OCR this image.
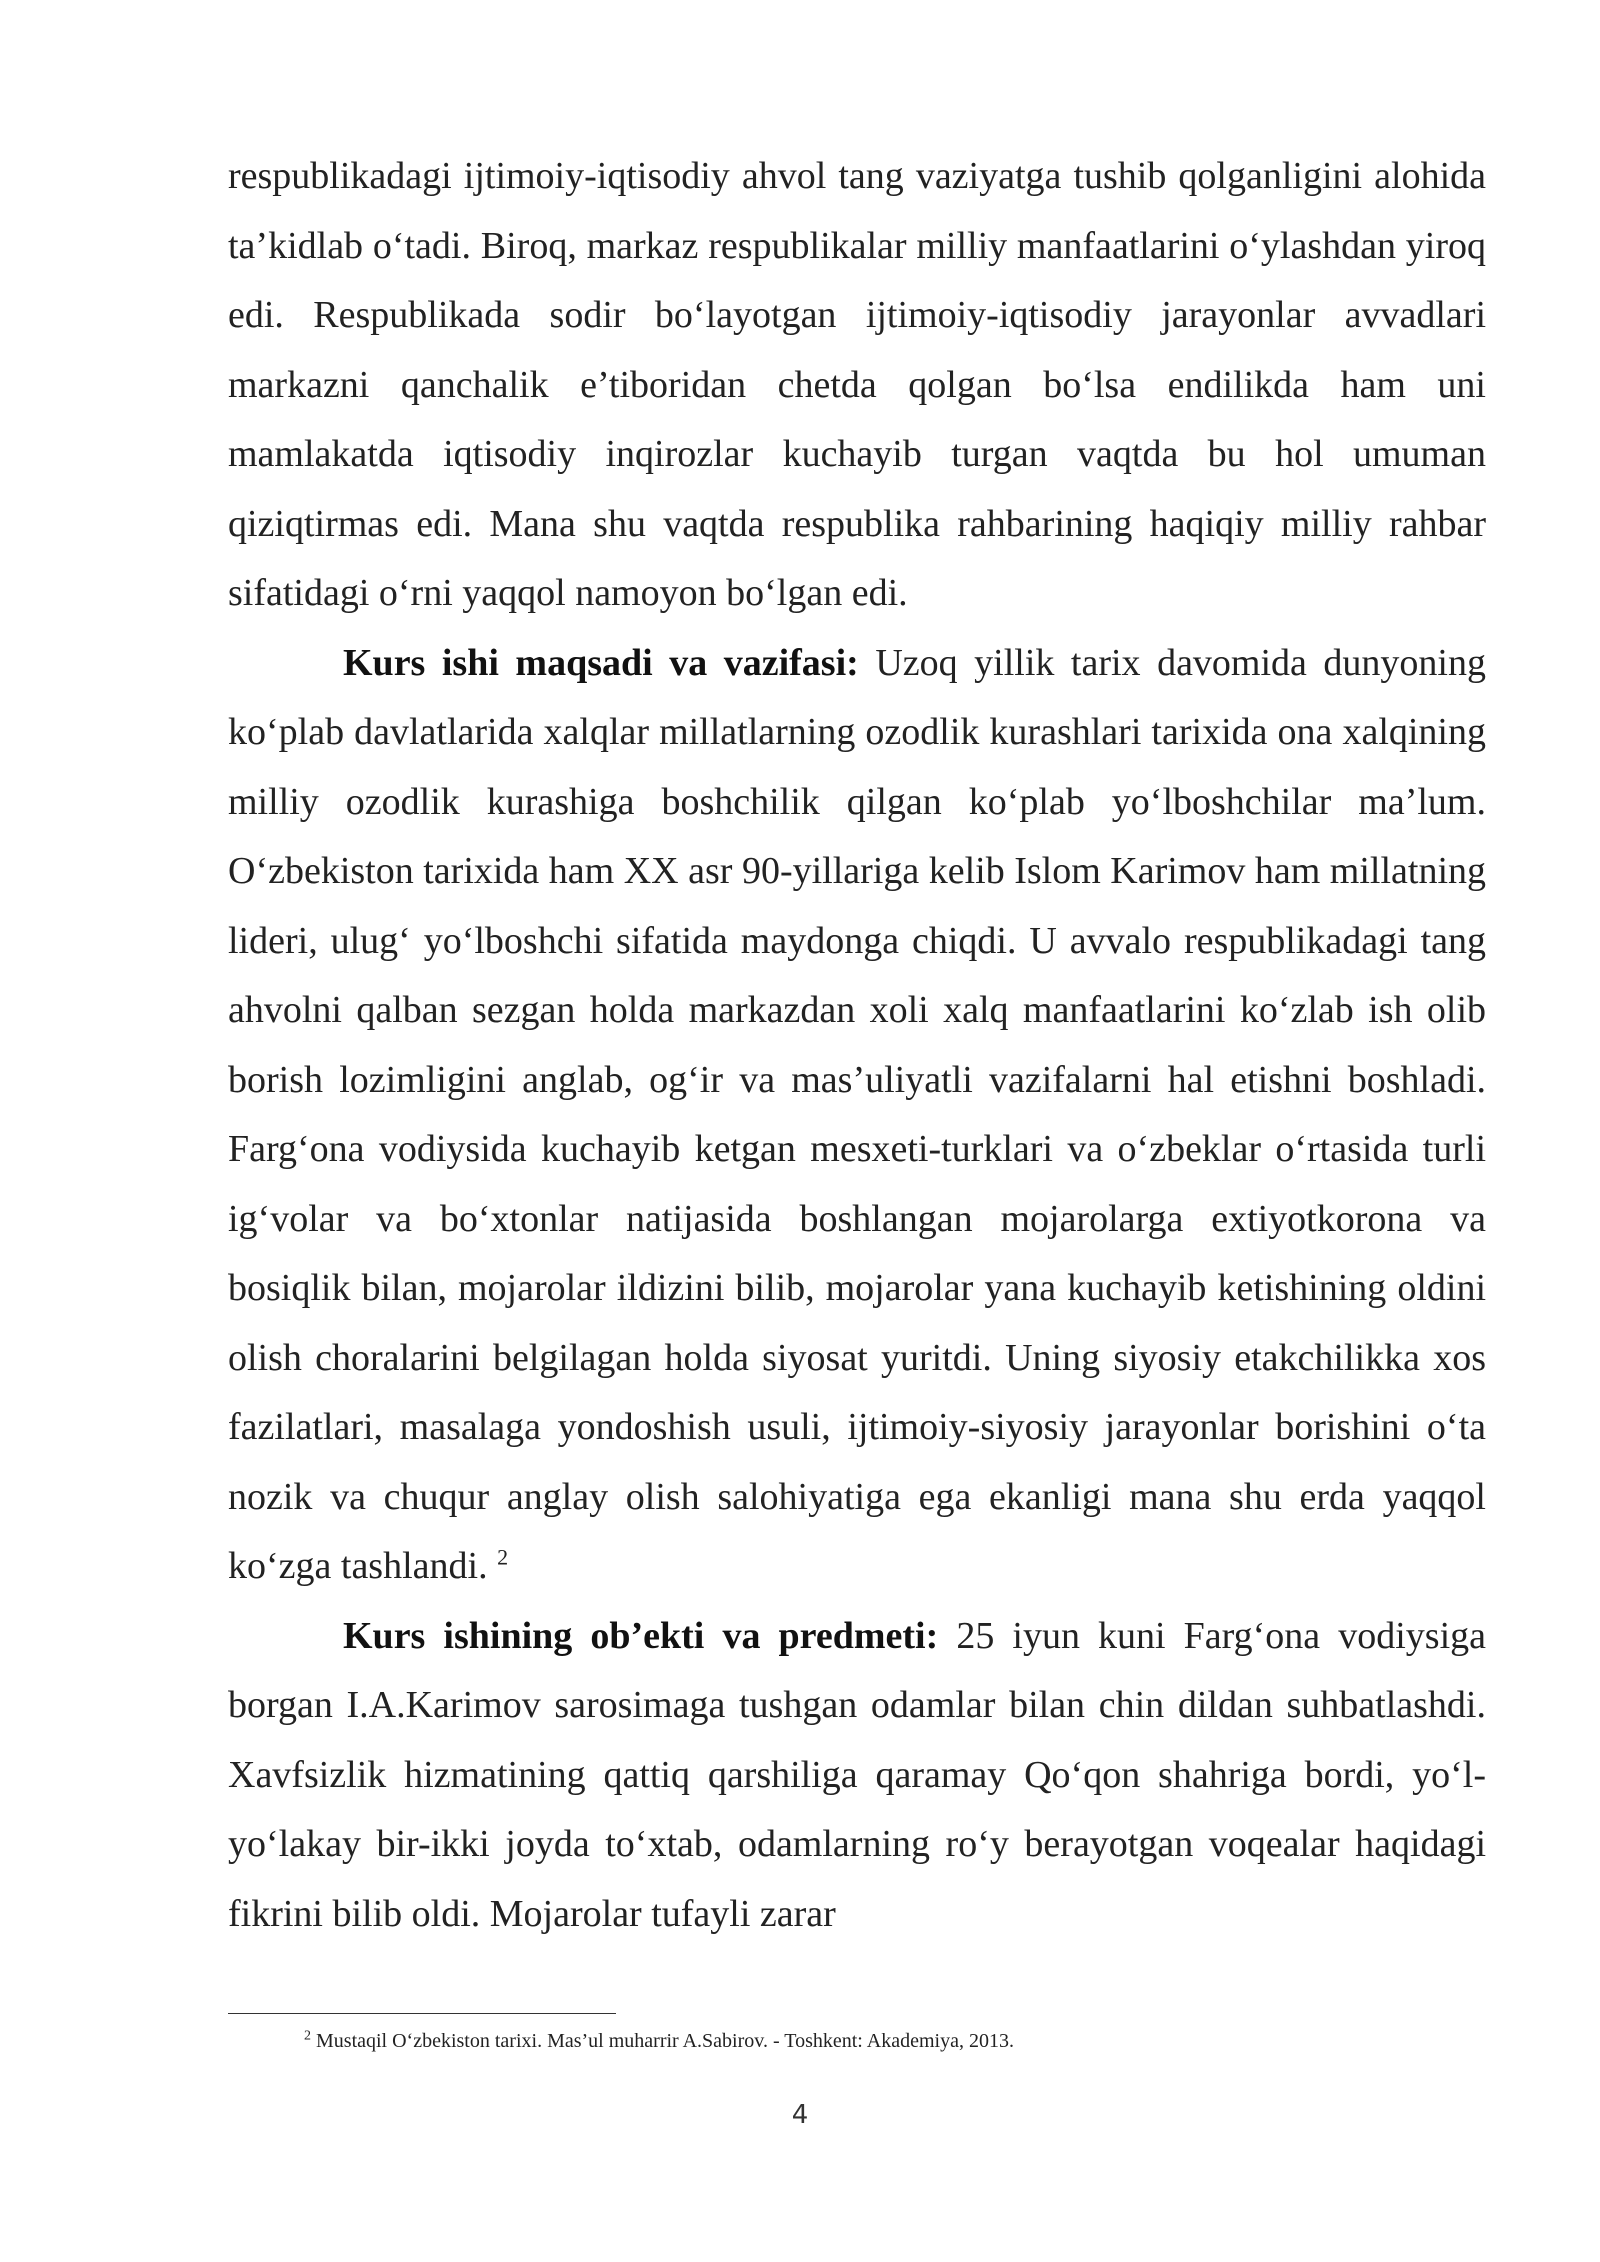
respublikadagi ijtimoiy-iqtisodiy ahvol tang vaziyatga tushib qolganligini alohida ta’kidlab o‘tadi. Biroq, markaz respublikalar milliy manfaatlarini o‘ylashdan yiroq edi. Respublikada sodir bo‘layotgan ijtimoiy-iqtisodiy jarayonlar avvadlari markazni qanchalik e’tiboridan chetda qolgan bo‘lsa endilikda ham uni mamlakatda iqtisodiy inqirozlar kuchayib turgan vaqtda bu hol umuman qiziqtirmas edi. Mana shu vaqtda respublika rahbarining haqiqiy milliy rahbar sifatidagi o‘rni yaqqol namoyon bo‘lgan edi.

Kurs ishi maqsadi va vazifasi: Uzoq yillik tarix davomida dunyoning ko‘plab davlatlarida xalqlar millatlarning ozodlik kurashlari tarixida ona xalqining milliy ozodlik kurashiga boshchilik qilgan ko‘plab yo‘lboshchilar ma’lum. O‘zbekiston tarixida ham XX asr 90-yillariga kelib Islom Karimov ham millatning lideri, ulug‘ yo‘lboshchi sifatida maydonga chiqdi. U avvalo respublikadagi tang ahvolni qalban sezgan holda markazdan xoli xalq manfaatlarini ko‘zlab ish olib borish lozimligini anglab, og‘ir va mas’uliyatli vazifalarni hal etishni boshladi. Farg‘ona vodiysida kuchayib ketgan mesxeti-turklari va o‘zbeklar o‘rtasida turli ig‘volar va bo‘xtonlar natijasida boshlangan mojarolarga extiyotkorona va bosiqlik bilan, mojarolar ildizini bilib, mojarolar yana kuchayib ketishining oldini olish choralarini belgilagan holda siyosat yuritdi. Uning siyosiy etakchilikka xos fazilatlari, masalaga yondoshish usuli, ijtimoiy-siyosiy jarayonlar borishini o‘ta nozik va chuqur anglay olish salohiyatiga ega ekanligi mana shu erda yaqqol ko‘zga tashlandi. $^2$

Kurs ishining ob’ekti va predmeti: 25 iyun kuni Farg‘ona vodiysiga borgan I.A.Karimov sarosimaga tushgan odamlar bilan chin dildan suhbatlashdi. Xavfsizlik hizmatining qattiq qarshiliga qaramay Qo‘qon shahriga bordi, yo‘l-yo‘lakay bir-ikki joyda to‘xtab, odamlarning ro‘y berayotgan voqealar haqidagi fikrini bilib oldi. Mojarolar tufayli zarar

$^2$ Mustaqil O‘zbekiston tarixi. Mas’ul muharrir A.Sabirov. - Toshkent: Akademiya, 2013.
4
